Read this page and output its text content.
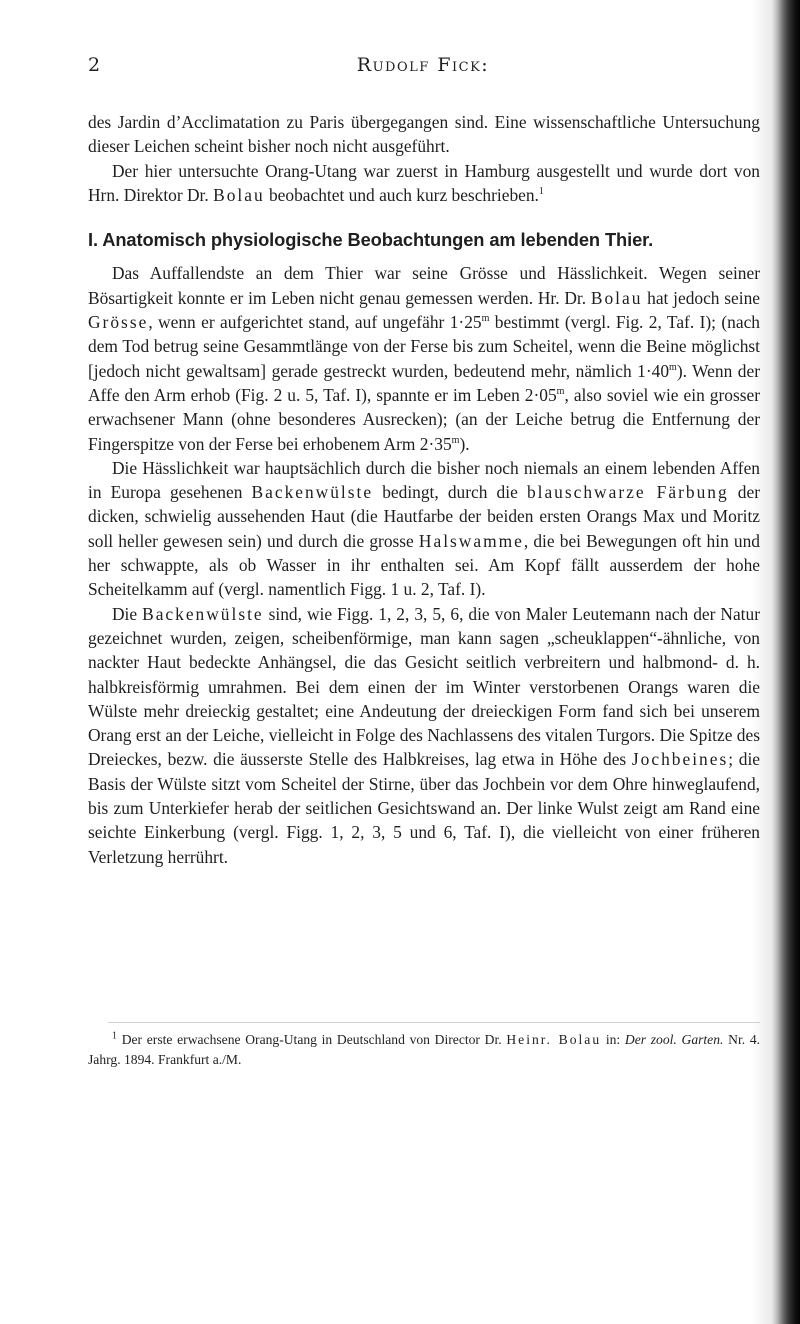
2	Rudolf Fick:

des Jardin d’Acclimatation zu Paris übergegangen sind. Eine wissenschaftliche Untersuchung dieser Leichen scheint bisher noch nicht ausgeführt.

Der hier untersuchte Orang-Utang war zuerst in Hamburg ausgestellt und wurde dort von Hrn. Direktor Dr. Bolau beobachtet und auch kurz beschrieben.$^1$

I. Anatomisch physiologische Beobachtungen am lebenden Thier.

Das Auffallendste an dem Thier war seine Grösse und Hässlichkeit. Wegen seiner Bösartigkeit konnte er im Leben nicht genau gemessen werden. Hr. Dr. Bolau hat jedoch seine Grösse, wenn er aufgerichtet stand, auf ungefähr $1\cdot 25^m$ bestimmt (vergl. Fig. 2, Taf. I); (nach dem Tod betrug seine Gesammtlänge von der Ferse bis zum Scheitel, wenn die Beine möglichst [jedoch nicht gewaltsam] gerade gestreckt wurden, bedeutend mehr, nämlich $1\cdot 40^m$). Wenn der Affe den Arm erhob (Fig. 2 u. 5, Taf. I), spannte er im Leben $2\cdot 05^m$, also soviel wie ein grosser erwachsener Mann (ohne besonderes Ausrecken); (an der Leiche betrug die Entfernung der Fingerspitze von der Ferse bei erhobenem Arm $2\cdot 35^m$).

Die Hässlichkeit war hauptsächlich durch die bisher noch niemals an einem lebenden Affen in Europa gesehenen Backenwülste bedingt, durch die blauschwarze Färbung der dicken, schwielig aussehenden Haut (die Hautfarbe der beiden ersten Orangs Max und Moritz soll heller gewesen sein) und durch die grosse Halswamme, die bei Bewegungen oft hin und her schwappte, als ob Wasser in ihr enthalten sei. Am Kopf fällt ausserdem der hohe Scheitelkamm auf (vergl. namentlich Figg. 1 u. 2, Taf. I).

Die Backenwülste sind, wie Figg. 1, 2, 3, 5, 6, die von Maler Leutemann nach der Natur gezeichnet wurden, zeigen, scheibenförmige, man kann sagen „scheuklappen“-ähnliche, von nackter Haut bedeckte Anhängsel, die das Gesicht seitlich verbreitern und halbmond- d. h. halbkreisförmig umrahmen. Bei dem einen der im Winter verstorbenen Orangs waren die Wülste mehr dreieckig gestaltet; eine Andeutung der dreieckigen Form fand sich bei unserem Orang erst an der Leiche, vielleicht in Folge des Nachlassens des vitalen Turgors. Die Spitze des Dreieckes, bezw. die äusserste Stelle des Halbkreises, lag etwa in Höhe des Jochbeines; die Basis der Wülste sitzt vom Scheitel der Stirne, über das Jochbein vor dem Ohre hinweglaufend, bis zum Unterkiefer herab der seitlichen Gesichtswand an. Der linke Wulst zeigt am Rand eine seichte Einkerbung (vergl. Figg. 1, 2, 3, 5 und 6, Taf. I), die vielleicht von einer früheren Verletzung herrührt.

$^1$ Der erste erwachsene Orang-Utang in Deutschland von Director Dr. Heinr. Bolau in: Der zool. Garten. Nr. 4. Jahrg. 1894. Frankfurt a./M.
